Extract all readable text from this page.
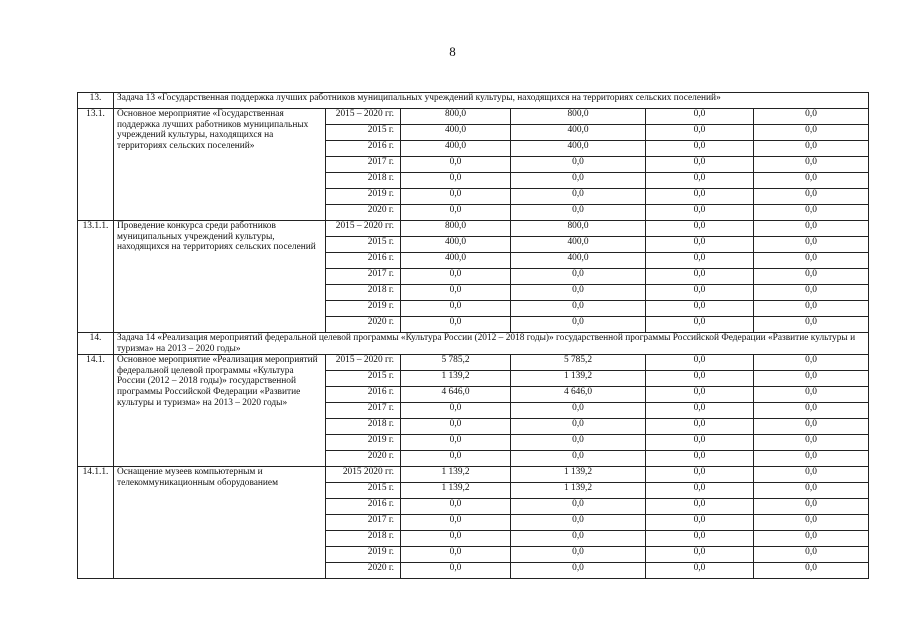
8
13.	Задача 13 «Государственная поддержка лучших работников муниципальных учреждений культуры, находящихся на территориях сельских поселений»					
13.1.	Основное мероприятие «Государственная поддержка лучших работников муниципальных учреждений культуры, находящихся на территориях сельских поселений»	2015 – 2020 гг.	800,0	800,0	0,0	0,0
		2015 г.	400,0	400,0	0,0	0,0
		2016 г.	400,0	400,0	0,0	0,0
		2017 г.	0,0	0,0	0,0	0,0
		2018 г.	0,0	0,0	0,0	0,0
		2019 г.	0,0	0,0	0,0	0,0
		2020 г.	0,0	0,0	0,0	0,0
13.1.1.	Проведение конкурса среди работников муниципальных учреждений культуры, находящихся на территориях сельских поселений	2015 – 2020 гг.	800,0	800,0	0,0	0,0
		2015 г.	400,0	400,0	0,0	0,0
		2016 г.	400,0	400,0	0,0	0,0
		2017 г.	0,0	0,0	0,0	0,0
		2018 г.	0,0	0,0	0,0	0,0
		2019 г.	0,0	0,0	0,0	0,0
		2020 г.	0,0	0,0	0,0	0,0
14.	Задача 14 «Реализация мероприятий федеральной целевой программы «Культура России (2012 – 2018 годы)» государственной программы Российской Федерации «Развитие культуры и туризма» на 2013 – 2020 годы»					
14.1.	Основное мероприятие «Реализация мероприятий федеральной целевой программы «Культура России (2012 – 2018 годы)» государственной программы Российской Федерации «Развитие культуры и туризма» на 2013 – 2020 годы»	2015 – 2020 гг.	5 785,2	5 785,2	0,0	0,0
		2015 г.	1 139,2	1 139,2	0,0	0,0
		2016 г.	4 646,0	4 646,0	0,0	0,0
		2017 г.	0,0	0,0	0,0	0,0
		2018 г.	0,0	0,0	0,0	0,0
		2019 г.	0,0	0,0	0,0	0,0
		2020 г.	0,0	0,0	0,0	0,0
14.1.1.	Оснащение музеев компьютерным и телекоммуникационным оборудованием	2015 2020 гг.	1 139,2	1 139,2	0,0	0,0
		2015 г.	1 139,2	1 139,2	0,0	0,0
		2016 г.	0,0	0,0	0,0	0,0
		2017 г.	0,0	0,0	0,0	0,0
		2018 г.	0,0	0,0	0,0	0,0
		2019 г.	0,0	0,0	0,0	0,0
		2020 г.	0,0	0,0	0,0	0,0
